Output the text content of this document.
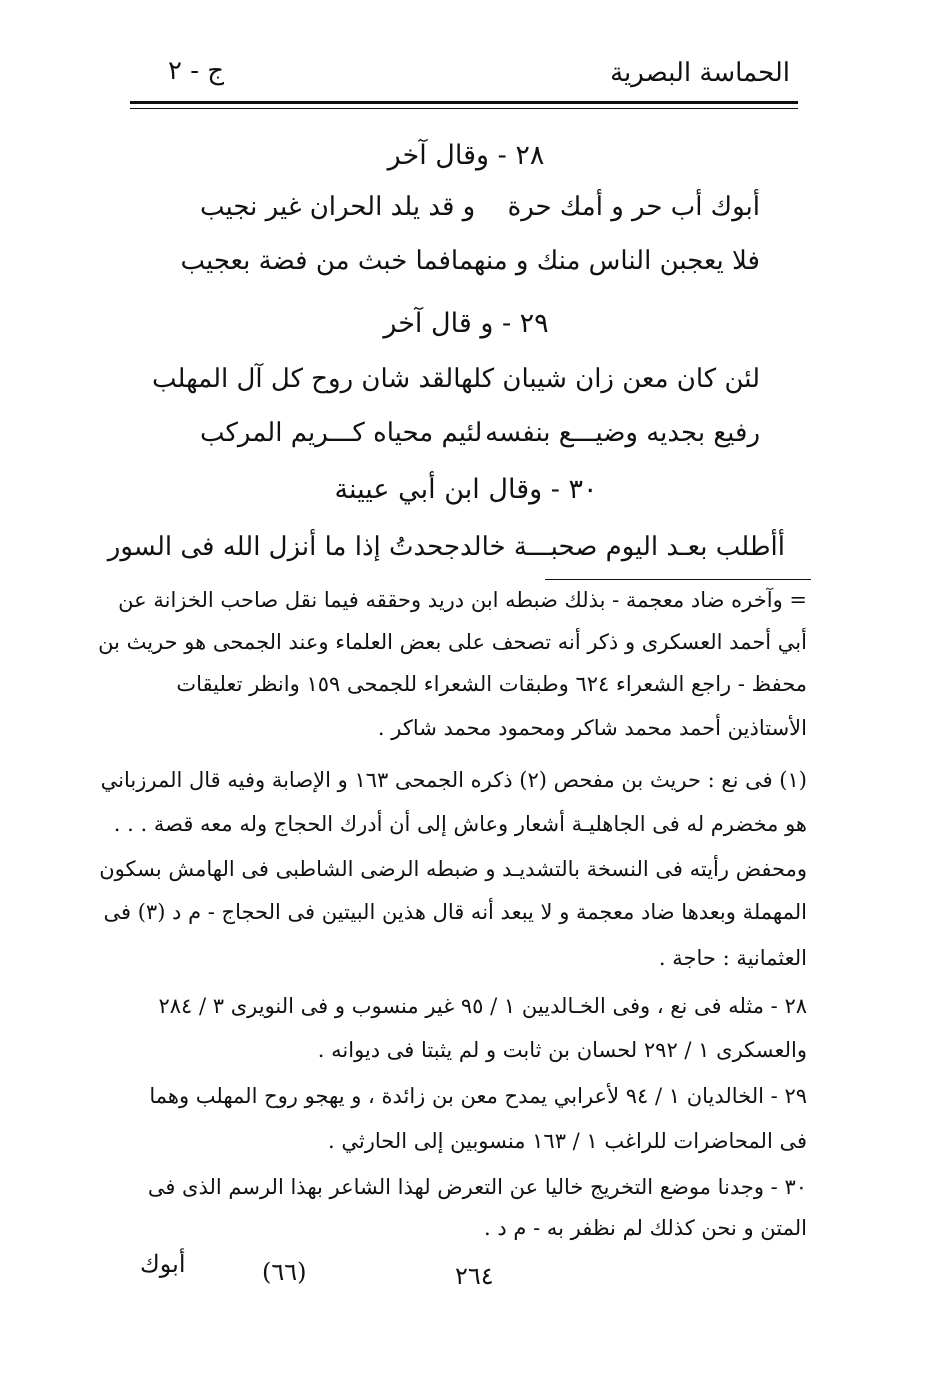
الحماسة البصرية
ج - ٢
٢٨ - وقال آخر
أبوك أب حر و أمك حرة
و قد يلد الحران غير نجيب
فلا يعجبن الناس منك و منهما
فما خبث من فضة بعجيب
٢٩ - و قال آخر
لئن كان معن زان شيبان كلها
لقد شان روح كل آل المهلب
رفيع بجديه وضيـــع بنفسه
لئيم محياه كـــريم المركب
٣٠ - وقال ابن أبي عيينة
أأطلب بعـد اليوم صحبـــة خالد
جحدتُ إذا ما أنزل الله فى السور
= وآخره ضاد معجمة - بذلك ضبطه ابن دريد وحققه فيما نقل صاحب الخزانة عن
أبي أحمد العسكرى و ذكر أنه تصحف على بعض العلماء وعند الجمحى هو حريث بن
محفظ - راجع الشعراء ٦٢٤ وطبقات الشعراء للجمحى ١٥٩ وانظر تعليقات
الأستاذين أحمد محمد شاكر ومحمود محمد شاكر .
(١) فى نع : حريث بن مفحص (٢) ذكره الجمحى ١٦٣ و الإصابة وفيه قال المرزباني
هو مخضرم له فى الجاهليـة أشعار وعاش إلى أن أدرك الحجاج وله معه قصة . . .
ومحفض رأيته فى النسخة بالتشديـد و ضبطه الرضى الشاطبى فى الهامش بسكون
المهملة وبعدها ضاد معجمة و لا يبعد أنه قال هذين البيتين فى الحجاج - م د (٣) فى
العثمانية : حاجة .
٢٨ - مثله فى نع ، وفى الخـالديين ١ / ٩٥ غير منسوب و فى النويرى ٣ / ٢٨٤
والعسكرى ١ / ٢٩٢ لحسان بن ثابت و لم يثبتا فى ديوانه .
٢٩ - الخالديان ١ / ٩٤ لأعرابي يمدح معن بن زائدة ، و يهجو روح المهلب وهما
فى المحاضرات للراغب ١ / ١٦٣ منسوبين إلى الحارثي .
٣٠ - وجدنا موضع التخريج خاليا عن التعرض لهذا الشاعر بهذا الرسم الذى فى
المتن و نحن كذلك لم نظفر به - م د .
أبوك	(٦٦)	٢٦٤
